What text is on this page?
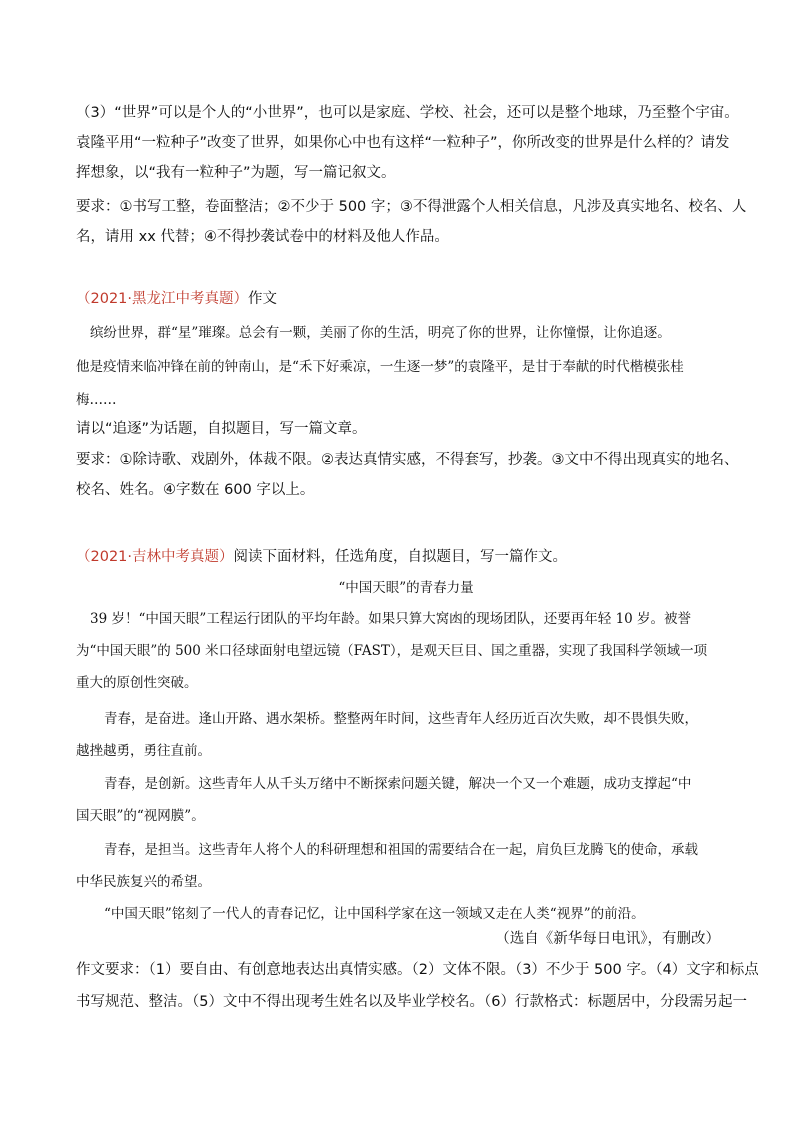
（3）“世界”可以是个人的“小世界”，也可以是家庭、学校、社会，还可以是整个地球，乃至整个宇宙。
袁隆平用“一粒种子”改变了世界，如果你心中也有这样“一粒种子”，你所改变的世界是什么样的？请发
挥想象，以“我有一粒种子”为题，写一篇记叙文。
要求：①书写工整，卷面整洁；②不少于 500 字；③不得泄露个人相关信息，凡涉及真实地名、校名、人
名，请用 xx 代替；④不得抄袭试卷中的材料及他人作品。
（2021·黑龙江中考真题）作文
缤纷世界，群“星”璀璨。总会有一颗，美丽了你的生活，明亮了你的世界，让你憧憬，让你追逐。
他是疫情来临冲锋在前的钟南山，是“禾下好乘凉，一生逐一梦”的袁隆平，是甘于奉献的时代楷模张桂
梅……
请以“追逐”为话题，自拟题目，写一篇文章。
要求：①除诗歌、戏剧外，体裁不限。②表达真情实感，不得套写，抄袭。③文中不得出现真实的地名、
校名、姓名。④字数在 600 字以上。
（2021·吉林中考真题）阅读下面材料，任选角度，自拟题目，写一篇作文。
“中国天眼”的青春力量
39 岁！“中国天眼”工程运行团队的平均年龄。如果只算大窝凼的现场团队，还要再年轻 10 岁。被誉
为“中国天眼”的 500 米口径球面射电望远镜（FAST），是观天巨目、国之重器，实现了我国科学领域一项
重大的原创性突破。
青春，是奋进。逢山开路、遇水架桥。整整两年时间，这些青年人经历近百次失败，却不畏惧失败，
越挫越勇，勇往直前。
青春，是创新。这些青年人从千头万绪中不断探索问题关键，解决一个又一个难题，成功支撑起“中
国天眼”的“视网膜”。
青春，是担当。这些青年人将个人的科研理想和祖国的需要结合在一起，肩负巨龙腾飞的使命，承载
中华民族复兴的希望。
“中国天眼”铭刻了一代人的青春记忆，让中国科学家在这一领域又走在人类“视界”的前沿。
（选自《新华每日电讯》，有删改）
作文要求：（1）要自由、有创意地表达出真情实感。（2）文体不限。（3）不少于 500 字。（4）文字和标点
书写规范、整洁。（5）文中不得出现考生姓名以及毕业学校名。（6）行款格式：标题居中，分段需另起一
